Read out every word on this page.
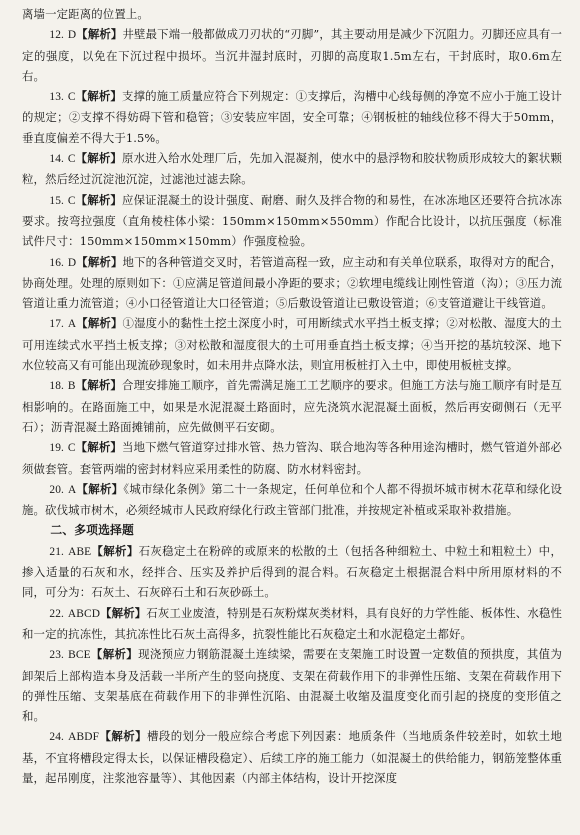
离墙一定距离的位置上。

12. D【解析】井壁最下端一般都做成刀刃状的“刃脚”，其主要动用是减少下沉阻力。刃脚还应具有一定的强度，以免在下沉过程中损坏。当沉井湿封底时，刃脚的高度取1.5m左右，干封底时，取0.6m左右。

13. C【解析】支撑的施工质量应符合下列规定：①支撑后，沟槽中心线每侧的净宽不应小于施工设计的规定；②支撑不得妨碍下管和稳管；③安装应牢固，安全可靠；④钢板桩的轴线位移不得大于50mm，垂直度偏差不得大于1.5%。

14. C【解析】原水进入给水处理厂后，先加入混凝剂，使水中的悬浮物和胶状物质形成较大的絮状颗粒，然后经过沉淀池沉淀，过滤池过滤去除。

15. C【解析】应保证混凝土的设计强度、耐磨、耐久及拌合物的和易性，在冰冻地区还要符合抗冰冻要求。按弯拉强度（直角棱柱体小梁：150mm×150mm×550mm）作配合比设计，以抗压强度（标准试件尺寸：150mm×150mm×150mm）作强度检验。

16. D【解析】地下的各种管道交叉时，若管道高程一致，应主动和有关单位联系，取得对方的配合，协商处理。处理的原则如下：①应满足管道间最小净距的要求；②软埋电缆线让刚性管道（沟）；③压力流管道让重力流管道；④小口径管道让大口径管道；⑤后敷设管道让已敷设管道；⑥支管道避让干线管道。

17. A【解析】①湿度小的黏性土挖土深度小时，可用断续式水平挡土板支撑；②对松散、湿度大的土可用连续式水平挡土板支撑；③对松散和湿度很大的土可用垂直挡土板支撑；④当开挖的基坑较深、地下水位较高又有可能出现流砂现象时，如未用井点降水法，则宜用板桩打入土中，即使用板桩支撑。

18. B【解析】合理安排施工顺序，首先需满足施工工艺顺序的要求。但施工方法与施工顺序有时是互相影响的。在路面施工中，如果是水泥混凝土路面时，应先浇筑水泥混凝土面板，然后再安砌侧石（无平石）；沥青混凝土路面摊铺前，应先做侧平石安砌。

19. C【解析】当地下燃气管道穿过排水管、热力管沟、联合地沟等各种用途沟槽时，燃气管道外部必须做套管。套管两端的密封材料应采用柔性的防腐、防水材料密封。

20. A【解析】《城市绿化条例》第二十一条规定，任何单位和个人都不得损坏城市树木花草和绿化设施。砍伐城市树木，必须经城市人民政府绿化行政主管部门批准，并按规定补植或采取补救措施。

二、多项选择题

21. ABE【解析】石灰稳定土在粉碎的或原来的松散的土（包括各种细粒土、中粒土和粗粒土）中，掺入适量的石灰和水，经拌合、压实及养护后得到的混合料。石灰稳定土根据混合料中所用原材料的不同，可分为：石灰土、石灰碎石土和石灰砂砾土。

22. ABCD【解析】石灰工业废渣，特别是石灰粉煤灰类材料，具有良好的力学性能、板体性、水稳性和一定的抗冻性，其抗冻性比石灰土高得多，抗裂性能比石灰稳定土和水泥稳定土都好。

23. BCE【解析】现浇预应力钢筋混凝土连续梁，需要在支架施工时设置一定数值的预拱度，其值为卸架后上部构造本身及活载一半所产生的竖向挠度、支架在荷载作用下的非弹性压缩、支架在荷载作用下的弹性压缩、支架基底在荷载作用下的非弹性沉陷、由混凝土收缩及温度变化而引起的挠度的变形值之和。

24. ABDF【解析】槽段的划分一般应综合考虑下列因素：地质条件（当地质条件较差时，如软土地基，不宜将槽段定得太长，以保证槽段稳定）、后续工序的施工能力（如混凝土的供给能力，钢筋笼整体重量，起吊刚度，注浆池容量等）、其他因素（内部主体结构，设计开挖深度
